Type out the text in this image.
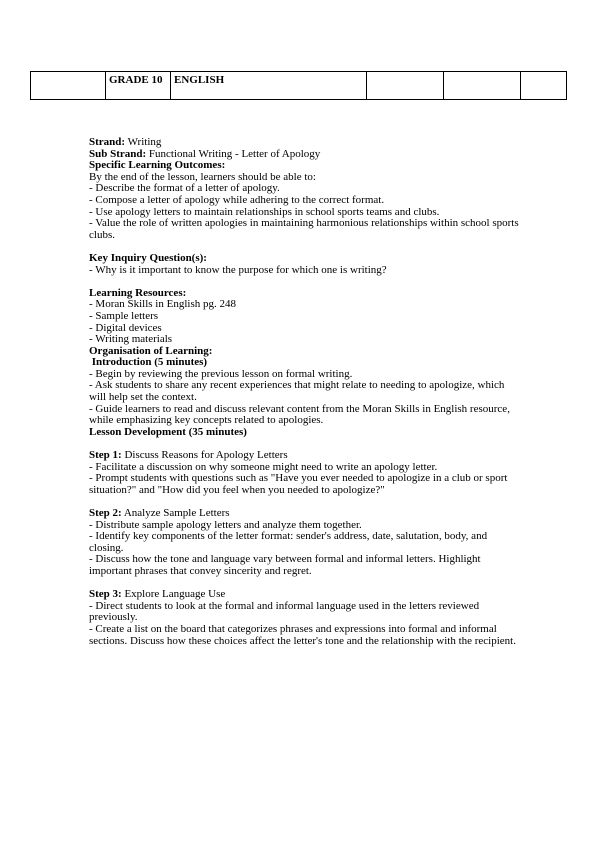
	GRADE 10	ENGLISH			

Strand: Writing

Sub Strand: Functional Writing - Letter of Apology

Specific Learning Outcomes:

By the end of the lesson, learners should be able to:

- Describe the format of a letter of apology.

- Compose a letter of apology while adhering to the correct format.

- Use apology letters to maintain relationships in school sports teams and clubs.

- Value the role of written apologies in maintaining harmonious relationships within school sports clubs.

Key Inquiry Question(s):

- Why is it important to know the purpose for which one is writing?

Learning Resources:

- Moran Skills in English pg. 248

- Sample letters

- Digital devices

- Writing materials

Organisation of Learning:

Introduction (5 minutes)

- Begin by reviewing the previous lesson on formal writing.

- Ask students to share any recent experiences that might relate to needing to apologize, which will help set the context.

- Guide learners to read and discuss relevant content from the Moran Skills in English resource, while emphasizing key concepts related to apologies.

Lesson Development (35 minutes)

Step 1: Discuss Reasons for Apology Letters

- Facilitate a discussion on why someone might need to write an apology letter.

- Prompt students with questions such as "Have you ever needed to apologize in a club or sport situation?" and "How did you feel when you needed to apologize?"

Step 2: Analyze Sample Letters

- Distribute sample apology letters and analyze them together.

- Identify key components of the letter format: sender's address, date, salutation, body, and closing.

- Discuss how the tone and language vary between formal and informal letters. Highlight important phrases that convey sincerity and regret.

Step 3: Explore Language Use

- Direct students to look at the formal and informal language used in the letters reviewed previously.

- Create a list on the board that categorizes phrases and expressions into formal and informal sections. Discuss how these choices affect the letter's tone and the relationship with the recipient.
